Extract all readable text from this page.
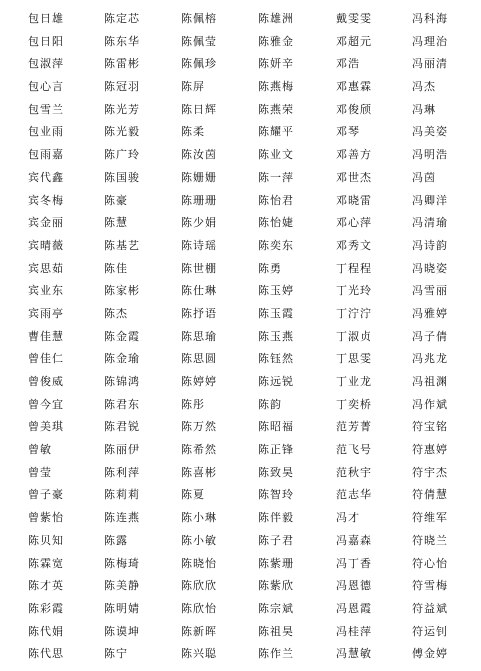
包日雄
包日阳
包淑萍
包心言
包雪兰
包业雨
包雨嘉
宾代鑫
宾冬梅
宾金丽
宾晴薇
宾思茹
宾业东
宾雨亭
曹佳慧
曾佳仁
曾俊威
曾今宜
曾美琪
曾敏
曾莹
曾子豪
曾紫怡
陈贝知
陈霖宽
陈才英
陈彩霞
陈代娟
陈代思
陈定芯
陈东华
陈雷彬
陈冠羽
陈光芳
陈光毅
陈广玲
陈国骏
陈豪
陈慧
陈基艺
陈佳
陈家彬
陈杰
陈金霞
陈金瑜
陈锦鸿
陈君东
陈君锐
陈丽伊
陈利萍
陈莉莉
陈连燕
陈露
陈梅琦
陈美静
陈明婧
陈谟坤
陈宁
陈佩榕
陈佩莹
陈佩珍
陈屏
陈日辉
陈柔
陈汝茵
陈姗姗
陈珊珊
陈少娟
陈诗瑶
陈世棚
陈仕琳
陈抒语
陈思瑜
陈思圆
陈婷婷
陈彤
陈万然
陈希然
陈喜彬
陈夏
陈小琳
陈小敏
陈晓怡
陈欣欣
陈欣怡
陈新晖
陈兴聪
陈雄洲
陈雅金
陈妍辛
陈燕梅
陈燕荣
陈耀平
陈业文
陈一萍
陈怡君
陈怡婕
陈奕东
陈勇
陈玉婷
陈玉霞
陈玉燕
陈钰然
陈远锐
陈韵
陈昭福
陈正锋
陈致昊
陈智玲
陈伴毅
陈子君
陈紫珊
陈紫欣
陈宗斌
陈祖昊
陈作兰
戴雯雯
邓超元
邓浩
邓惠霖
邓俊颀
邓琴
邓善方
邓世杰
邓晓雷
邓心萍
邓秀文
丁程程
丁光玲
丁泞泞
丁淑贞
丁思雯
丁业龙
丁奕桥
范芳菁
范飞号
范秋宇
范志华
冯才
冯嘉森
冯丁香
冯恩德
冯恩霞
冯桂萍
冯慧敏
冯科海
冯理治
冯丽清
冯杰
冯琳
冯美姿
冯明浩
冯茵
冯卿洋
冯清瑜
冯诗韵
冯晓姿
冯雪丽
冯雅婷
冯子倩
冯兆龙
冯祖渊
冯作斌
符宝铭
符惠婷
符宇杰
符倩慧
符维军
符晓兰
符心怡
符雪梅
符益斌
符运钊
傅金婷
